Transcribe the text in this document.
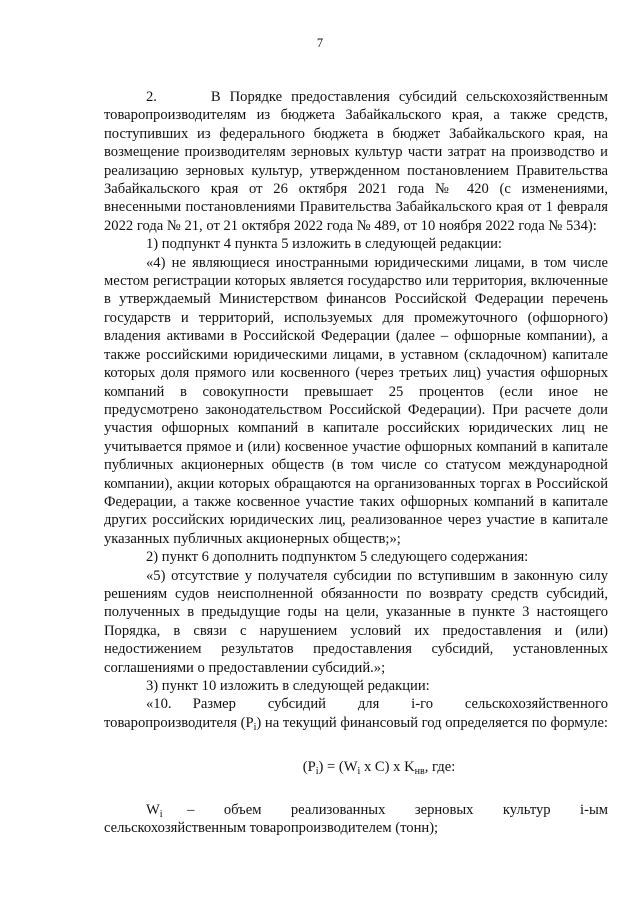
7

2.      В Порядке предоставления субсидий сельскохозяйственным товаропроизводителям из бюджета Забайкальского края, а также средств, поступивших из федерального бюджета в бюджет Забайкальского края, на возмещение производителям зерновых культур части затрат на производство и реализацию зерновых культур, утвержденном постановлением Правительства Забайкальского края от 26 октября 2021 года № 420 (с изменениями, внесенными постановлениями Правительства Забайкальского края от 1 февраля 2022 года № 21, от 21 октября 2022 года № 489, от 10 ноября 2022 года № 534):

1) подпункт 4 пункта 5 изложить в следующей редакции:

«4) не являющиеся иностранными юридическими лицами, в том числе местом регистрации которых является государство или территория, включенные в утверждаемый Министерством финансов Российской Федерации перечень государств и территорий, используемых для промежуточного (офшорного) владения активами в Российской Федерации (далее – офшорные компании), а также российскими юридическими лицами, в уставном (складочном) капитале которых доля прямого или косвенного (через третьих лиц) участия офшорных компаний в совокупности превышает 25 процентов (если иное не предусмотрено законодательством Российской Федерации). При расчете доли участия офшорных компаний в капитале российских юридических лиц не учитывается прямое и (или) косвенное участие офшорных компаний в капитале публичных акционерных обществ (в том числе со статусом международной компании), акции которых обращаются на организованных торгах в Российской Федерации, а также косвенное участие таких офшорных компаний в капитале других российских юридических лиц, реализованное через участие в капитале указанных публичных акционерных обществ;»;

2) пункт 6 дополнить подпунктом 5 следующего содержания:

«5) отсутствие у получателя субсидии по вступившим в законную силу решениям судов неисполненной обязанности по возврату средств субсидий, полученных в предыдущие годы на цели, указанные в пункте 3 настоящего Порядка, в связи с нарушением условий их предоставления и (или) недостижением результатов предоставления субсидий, установленных соглашениями о предоставлении субсидий.»;

3) пункт 10 изложить в следующей редакции:

«10.    Размер      субсидий      для      i-го      сельскохозяйственного товаропроизводителя $(P_i)$ на текущий финансовый год определяется по формуле:

$(P_i) = (W_i$ x C) x $K_{нв}$, где:

$W_i$     –      объем      реализованных      зерновых      культур      i-ым сельскохозяйственным товаропроизводителем (тонн);
